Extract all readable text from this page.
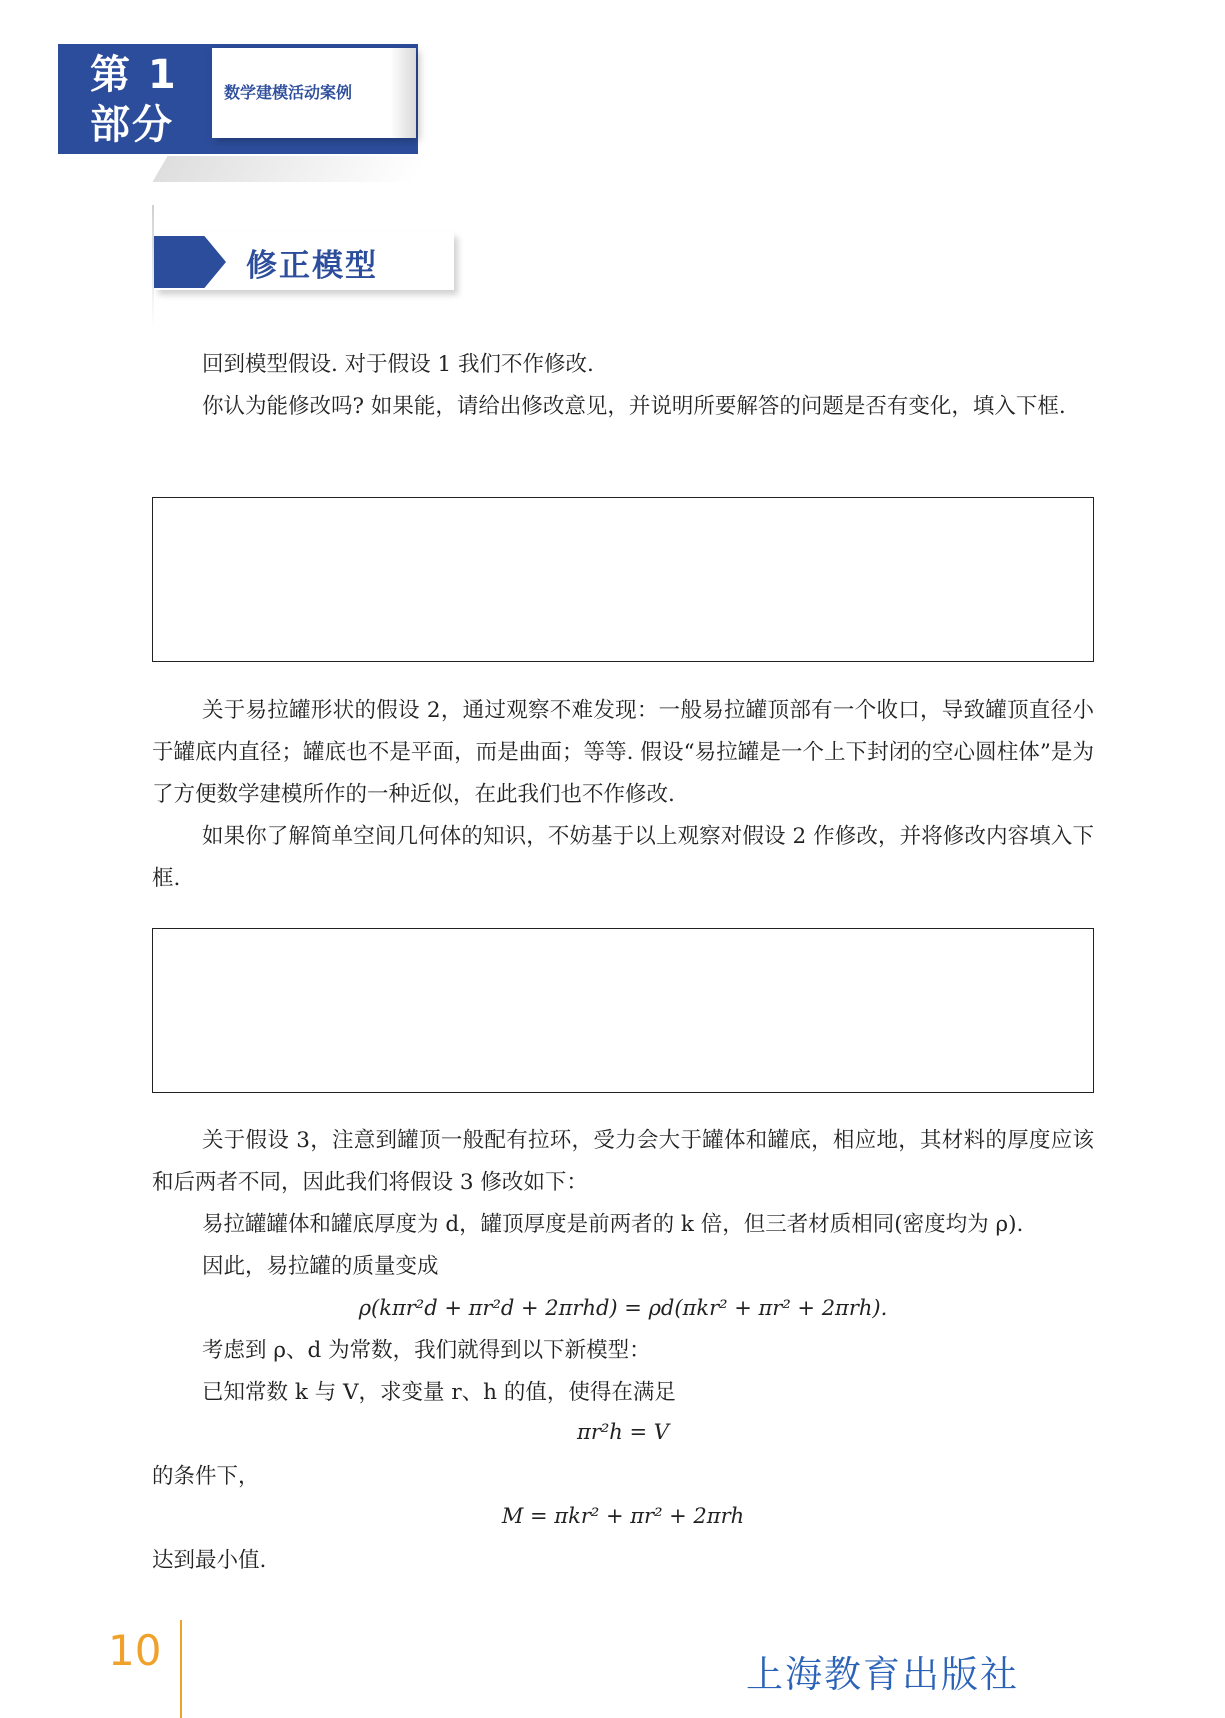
第 1
部分
数学建模活动案例
修正模型

回到模型假设. 对于假设 1 我们不作修改.

你认为能修改吗? 如果能，请给出修改意见，并说明所要解答的问题是否有变化，填入下框.

关于易拉罐形状的假设 2，通过观察不难发现：一般易拉罐顶部有一个收口，导致罐顶直径小于罐底内直径；罐底也不是平面，而是曲面；等等. 假设“易拉罐是一个上下封闭的空心圆柱体”是为了方便数学建模所作的一种近似，在此我们也不作修改.

如果你了解简单空间几何体的知识，不妨基于以上观察对假设 2 作修改，并将修改内容填入下框.

关于假设 3，注意到罐顶一般配有拉环，受力会大于罐体和罐底，相应地，其材料的厚度应该和后两者不同，因此我们将假设 3 修改如下：

易拉罐罐体和罐底厚度为 d，罐顶厚度是前两者的 k 倍，但三者材质相同(密度均为 ρ).

因此，易拉罐的质量变成

ρ(kπr²d + πr²d + 2πrhd) = ρd(πkr² + πr² + 2πrh).

考虑到 ρ、d 为常数，我们就得到以下新模型：

已知常数 k 与 V，求变量 r、h 的值，使得在满足

πr²h = V

的条件下，

M = πkr² + πr² + 2πrh

达到最小值.

10	上海教育出版社
